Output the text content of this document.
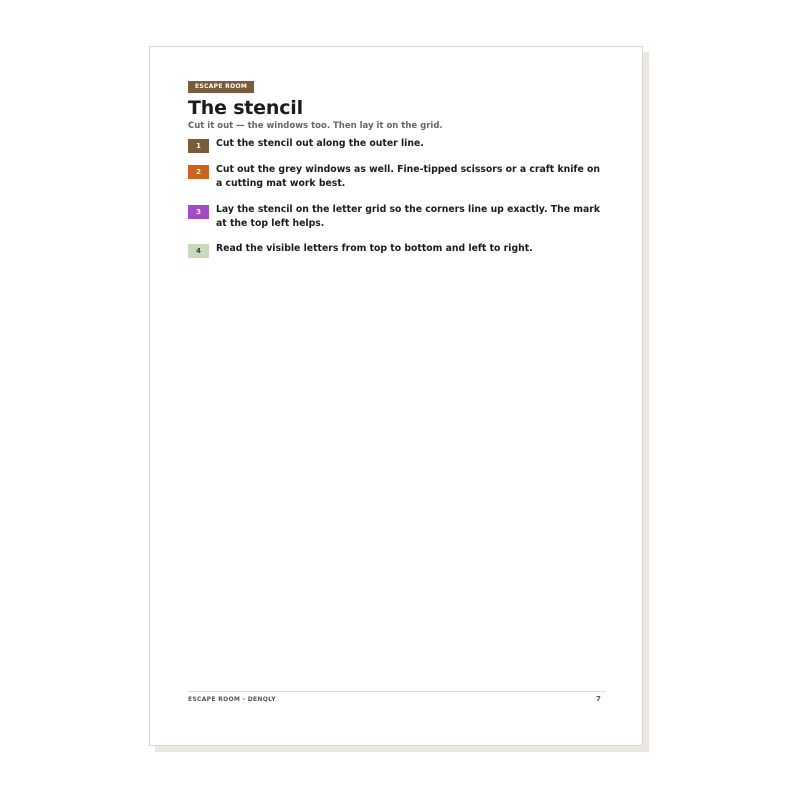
ESCAPE ROOM
The stencil

Cut it out — the windows too. Then lay it on the grid.

1	Cut the stencil out along the outer line.
2	Cut out the grey windows as well. Fine-tipped scissors or a craft knife on a cutting mat work best.
3	Lay the stencil on the letter grid so the corners line up exactly. The mark at the top left helps.
4	Read the visible letters from top to bottom and left to right.
ESCAPE ROOM - DENQLY	7
